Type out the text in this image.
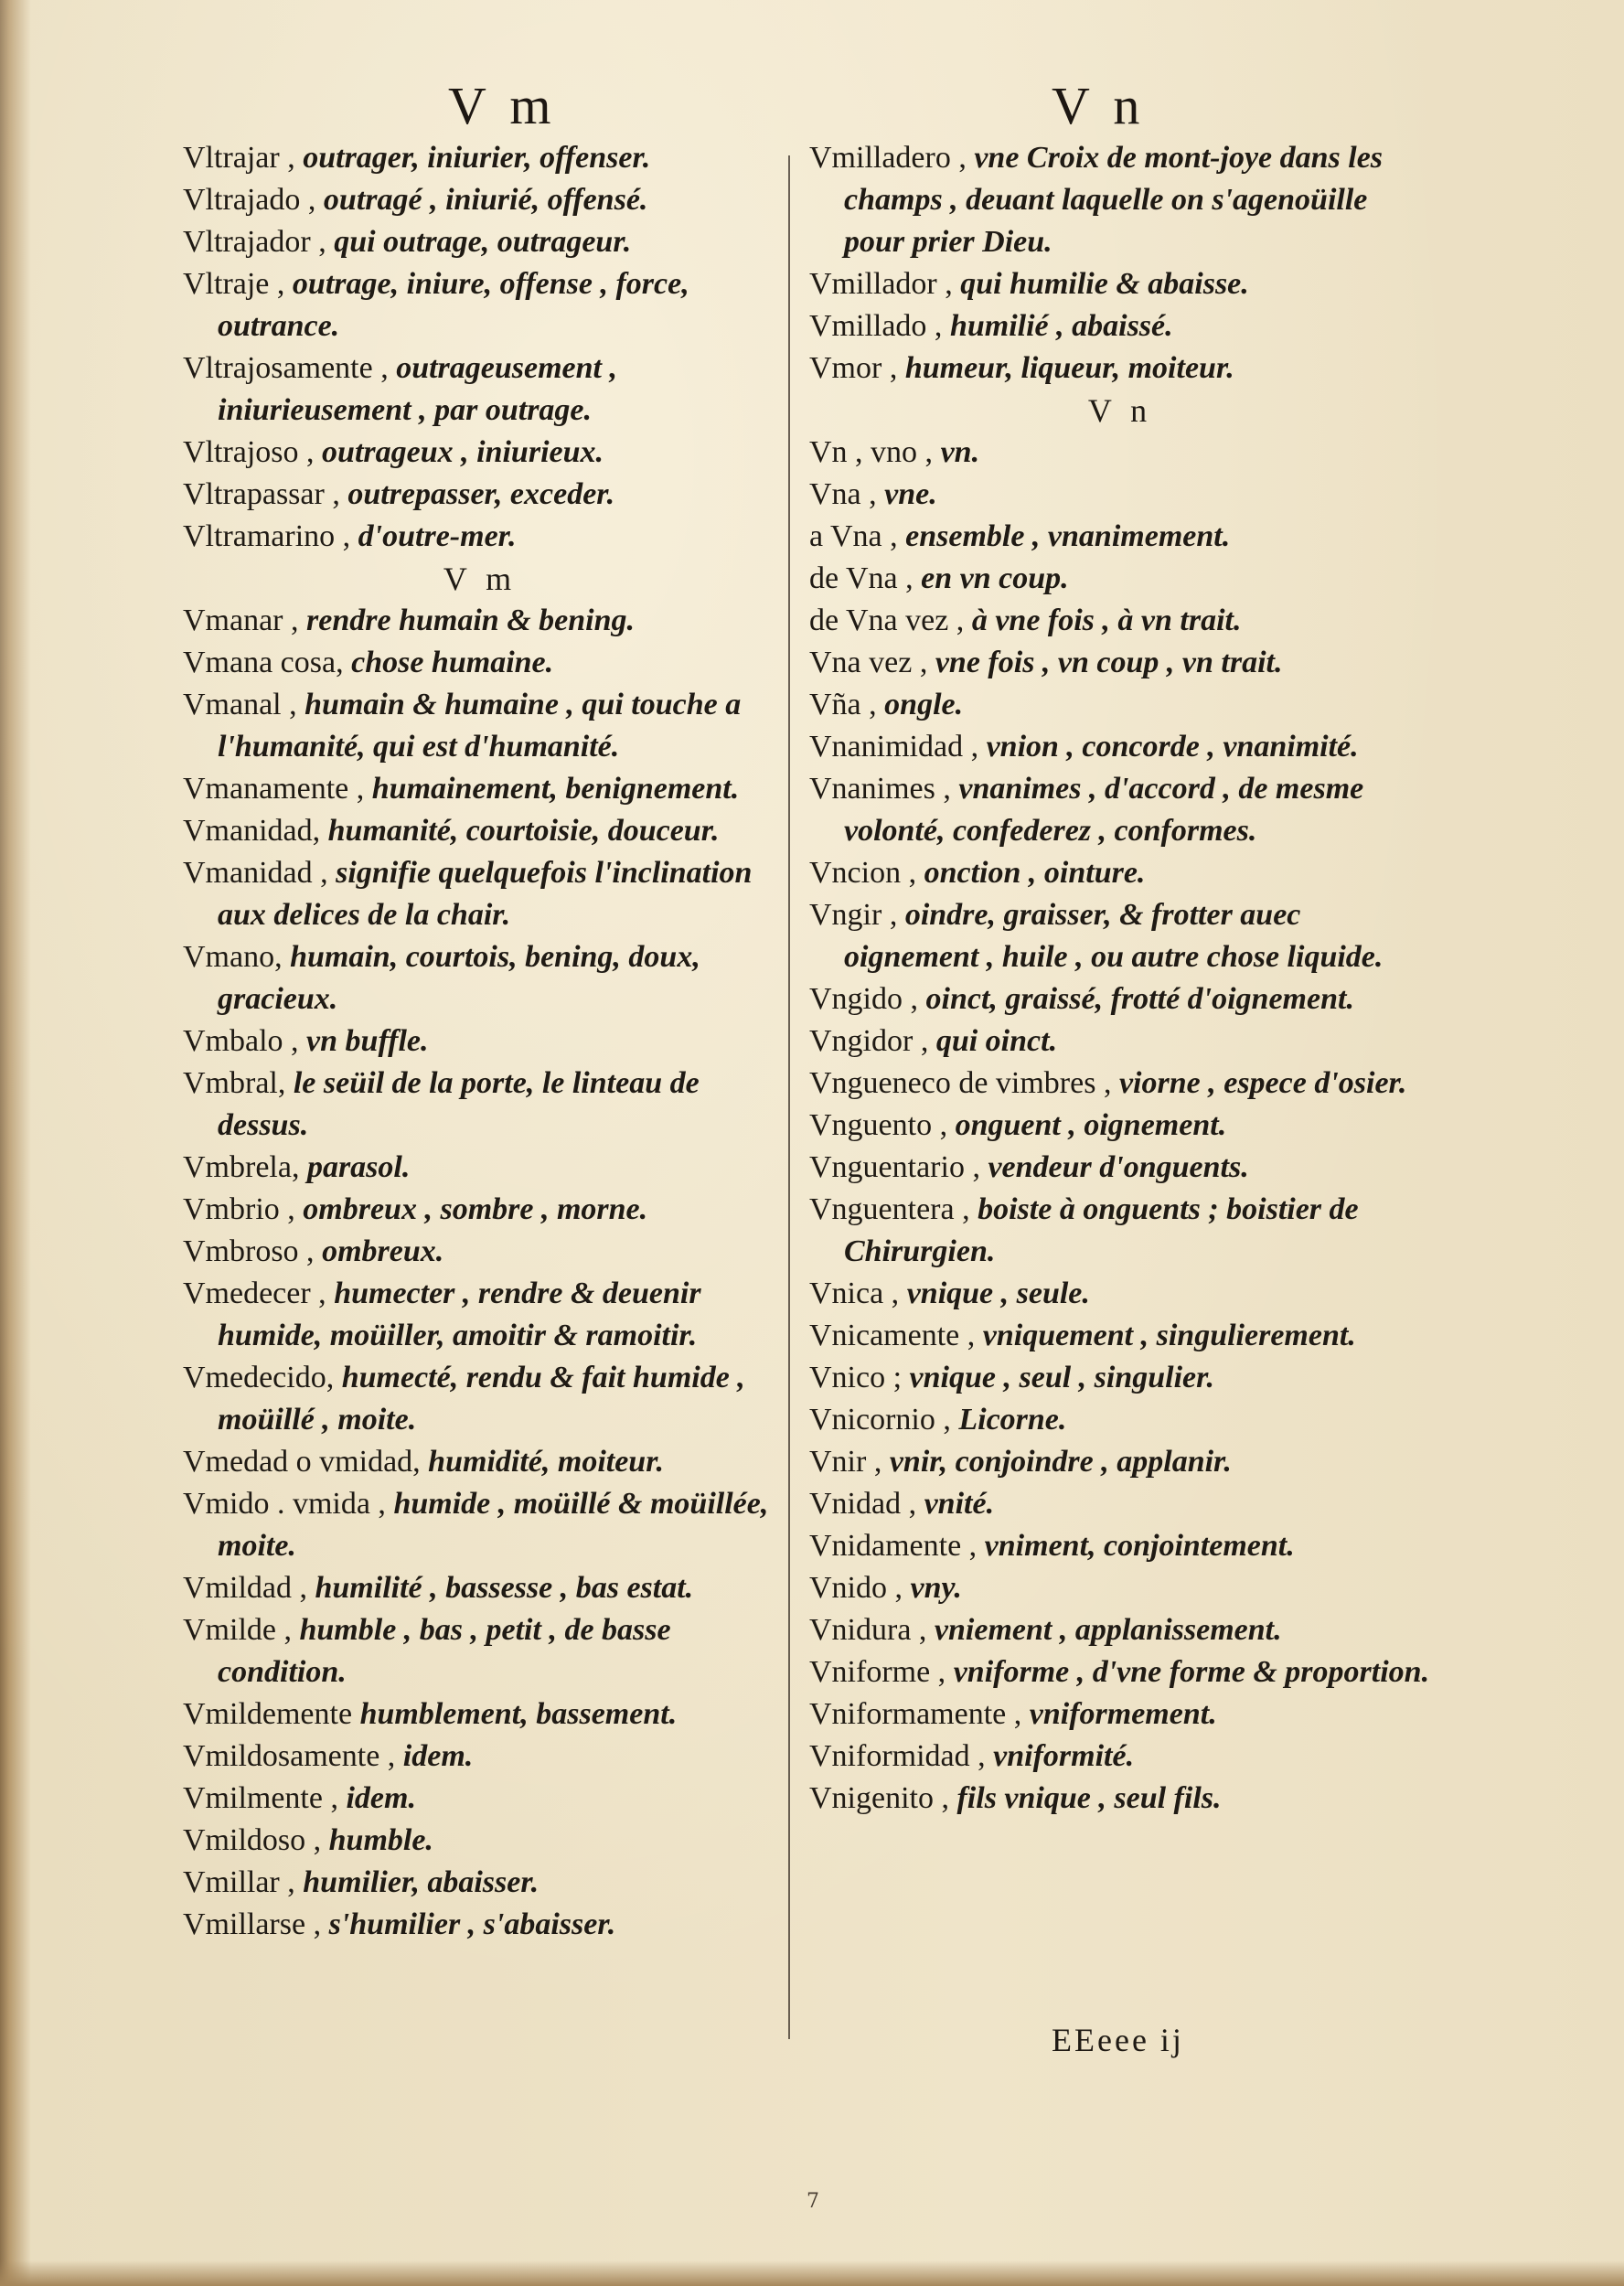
V m	V n

Vltrajar , outrager, iniurier, offenser.

Vltrajado , outragé , iniurié, offensé.

Vltrajador , qui outrage, outrageur.

Vltraje , outrage, iniure, offense , force, outrance.

Vltrajosamente , outrageusement , iniurieusement , par outrage.

Vltrajoso , outrageux , iniurieux.

Vltrapassar , outrepasser, exceder.

Vltramarino , d'outre-mer.

V m

Vmanar , rendre humain & bening.

Vmana cosa, chose humaine.

Vmanal , humain & humaine , qui touche a l'humanité, qui est d'humanité.

Vmanamente , humainement, benignement.

Vmanidad, humanité, courtoisie, douceur.

Vmanidad , signifie quelquefois l'inclination aux delices de la chair.

Vmano, humain, courtois, bening, doux, gracieux.

Vmbalo , vn buffle.

Vmbral, le seüil de la porte, le linteau de dessus.

Vmbrela, parasol.

Vmbrio , ombreux , sombre , morne.

Vmbroso , ombreux.

Vmedecer , humecter , rendre & deuenir humide, moüiller, amoitir & ramoitir.

Vmedecido, humecté, rendu & fait humide , moüillé , moite.

Vmedad o vmidad, humidité, moiteur.

Vmido . vmida , humide , moüillé & moüillée, moite.

Vmildad , humilité , bassesse , bas estat.

Vmilde , humble , bas , petit , de basse condition.

Vmildemente humblement, bassement.

Vmildosamente , idem.

Vmilmente , idem.

Vmildoso , humble.

Vmillar , humilier, abaisser.

Vmillarse , s'humilier , s'abaisser.

Vmilladero , vne Croix de mont-joye dans les champs , deuant laquelle on s'agenoüille pour prier Dieu.

Vmillador , qui humilie & abaisse.

Vmillado , humilié , abaissé.

Vmor , humeur, liqueur, moiteur.

V n

Vn , vno , vn.

Vna , vne.

a Vna , ensemble , vnanimement.

de Vna , en vn coup.

de Vna vez , à vne fois , à vn trait.

Vna vez , vne fois , vn coup , vn trait.

Vña , ongle.

Vnanimidad , vnion , concorde , vnanimité.

Vnanimes , vnanimes , d'accord , de mesme volonté, confederez , conformes.

Vncion , onction , ointure.

Vngir , oindre, graisser, & frotter auec oignement , huile , ou autre chose liquide.

Vngido , oinct, graissé, frotté d'oignement.

Vngidor , qui oinct.

Vngueneco de vimbres , viorne , espece d'osier.

Vnguento , onguent , oignement.

Vnguentario , vendeur d'onguents.

Vnguentera , boiste à onguents ; boistier de Chirurgien.

Vnica , vnique , seule.

Vnicamente , vniquement , singulierement.

Vnico ; vnique , seul , singulier.

Vnicornio , Licorne.

Vnir , vnir, conjoindre , applanir.

Vnidad , vnité.

Vnidamente , vniment, conjointement.

Vnido , vny.

Vnidura , vniement , applanissement.

Vniforme , vniforme , d'vne forme & proportion.

Vniformamente , vniformement.

Vniformidad , vniformité.

Vnigenito , fils vnique , seul fils.

EEeee ij
7
